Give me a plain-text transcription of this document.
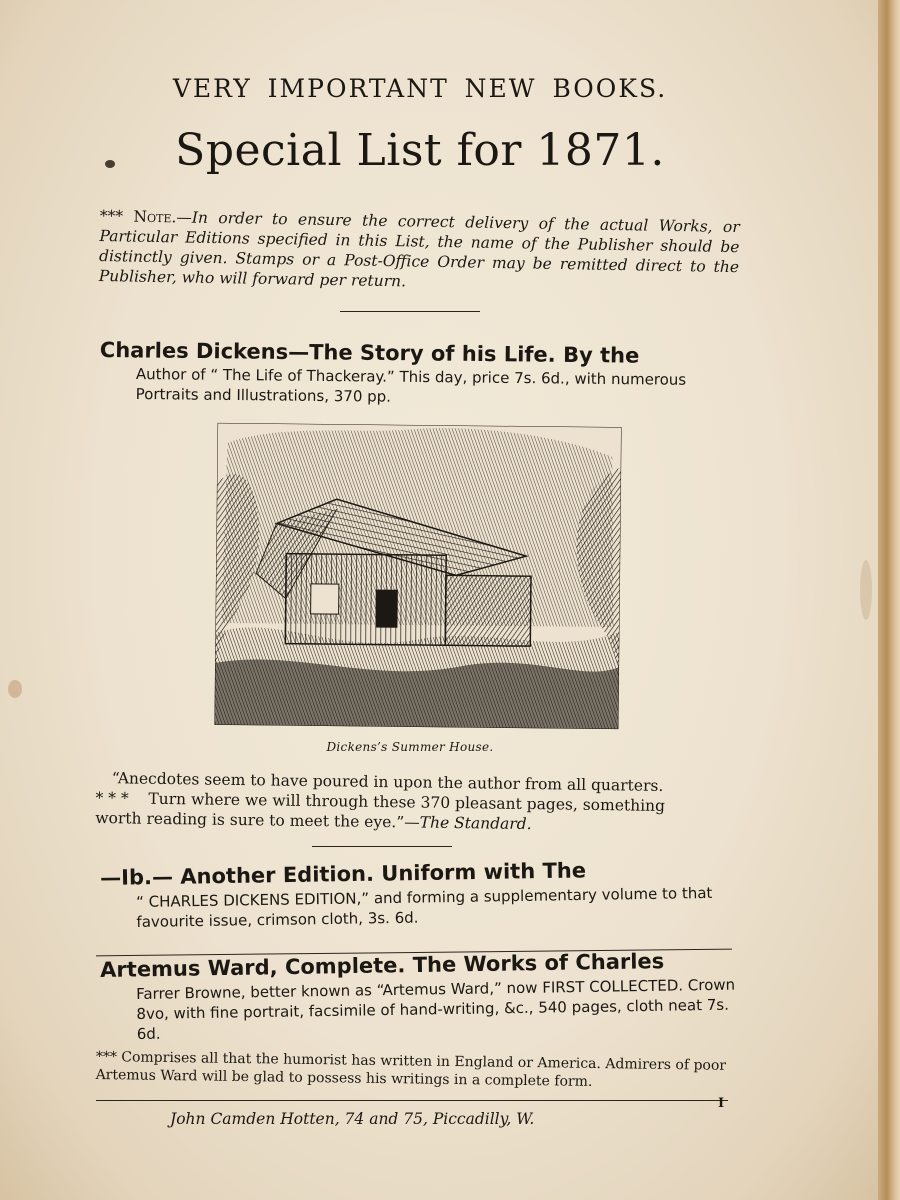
VERY IMPORTANT NEW BOOKS.
Special List for 1871.
*** Note.—In order to ensure the correct delivery of the actual Works, or Particular Editions specified in this List, the name of the Publisher should be distinctly given. Stamps or a Post-Office Order may be remitted direct to the Publisher, who will forward per return.
Charles Dickens—The Story of his Life. By the
Author of “ The Life of Thackeray.” This day, price 7s. 6d., with numerous Portraits and Illustrations, 370 pp.
Dickens’s Summer House.
“Anecdotes seem to have poured in upon the author from all quarters.
* * * Turn where we will through these 370 pleasant pages, something
worth reading is sure to meet the eye.”—The Standard.
—Ib.— Another Edition. Uniform with The
“ CHARLES DICKENS EDITION,” and forming a supplementary volume to that favourite issue, crimson cloth, 3s. 6d.
Artemus Ward, Complete. The Works of Charles
Farrer Browne, better known as “Artemus Ward,” now FIRST COLLECTED. Crown 8vo, with fine portrait, facsimile of hand-writing, &c., 540 pages, cloth neat 7s. 6d.
*** Comprises all that the humorist has written in England or America. Admirers of poor Artemus Ward will be glad to possess his writings in a complete form.
John Camden Hotten, 74 and 75, Piccadilly, W.
I
